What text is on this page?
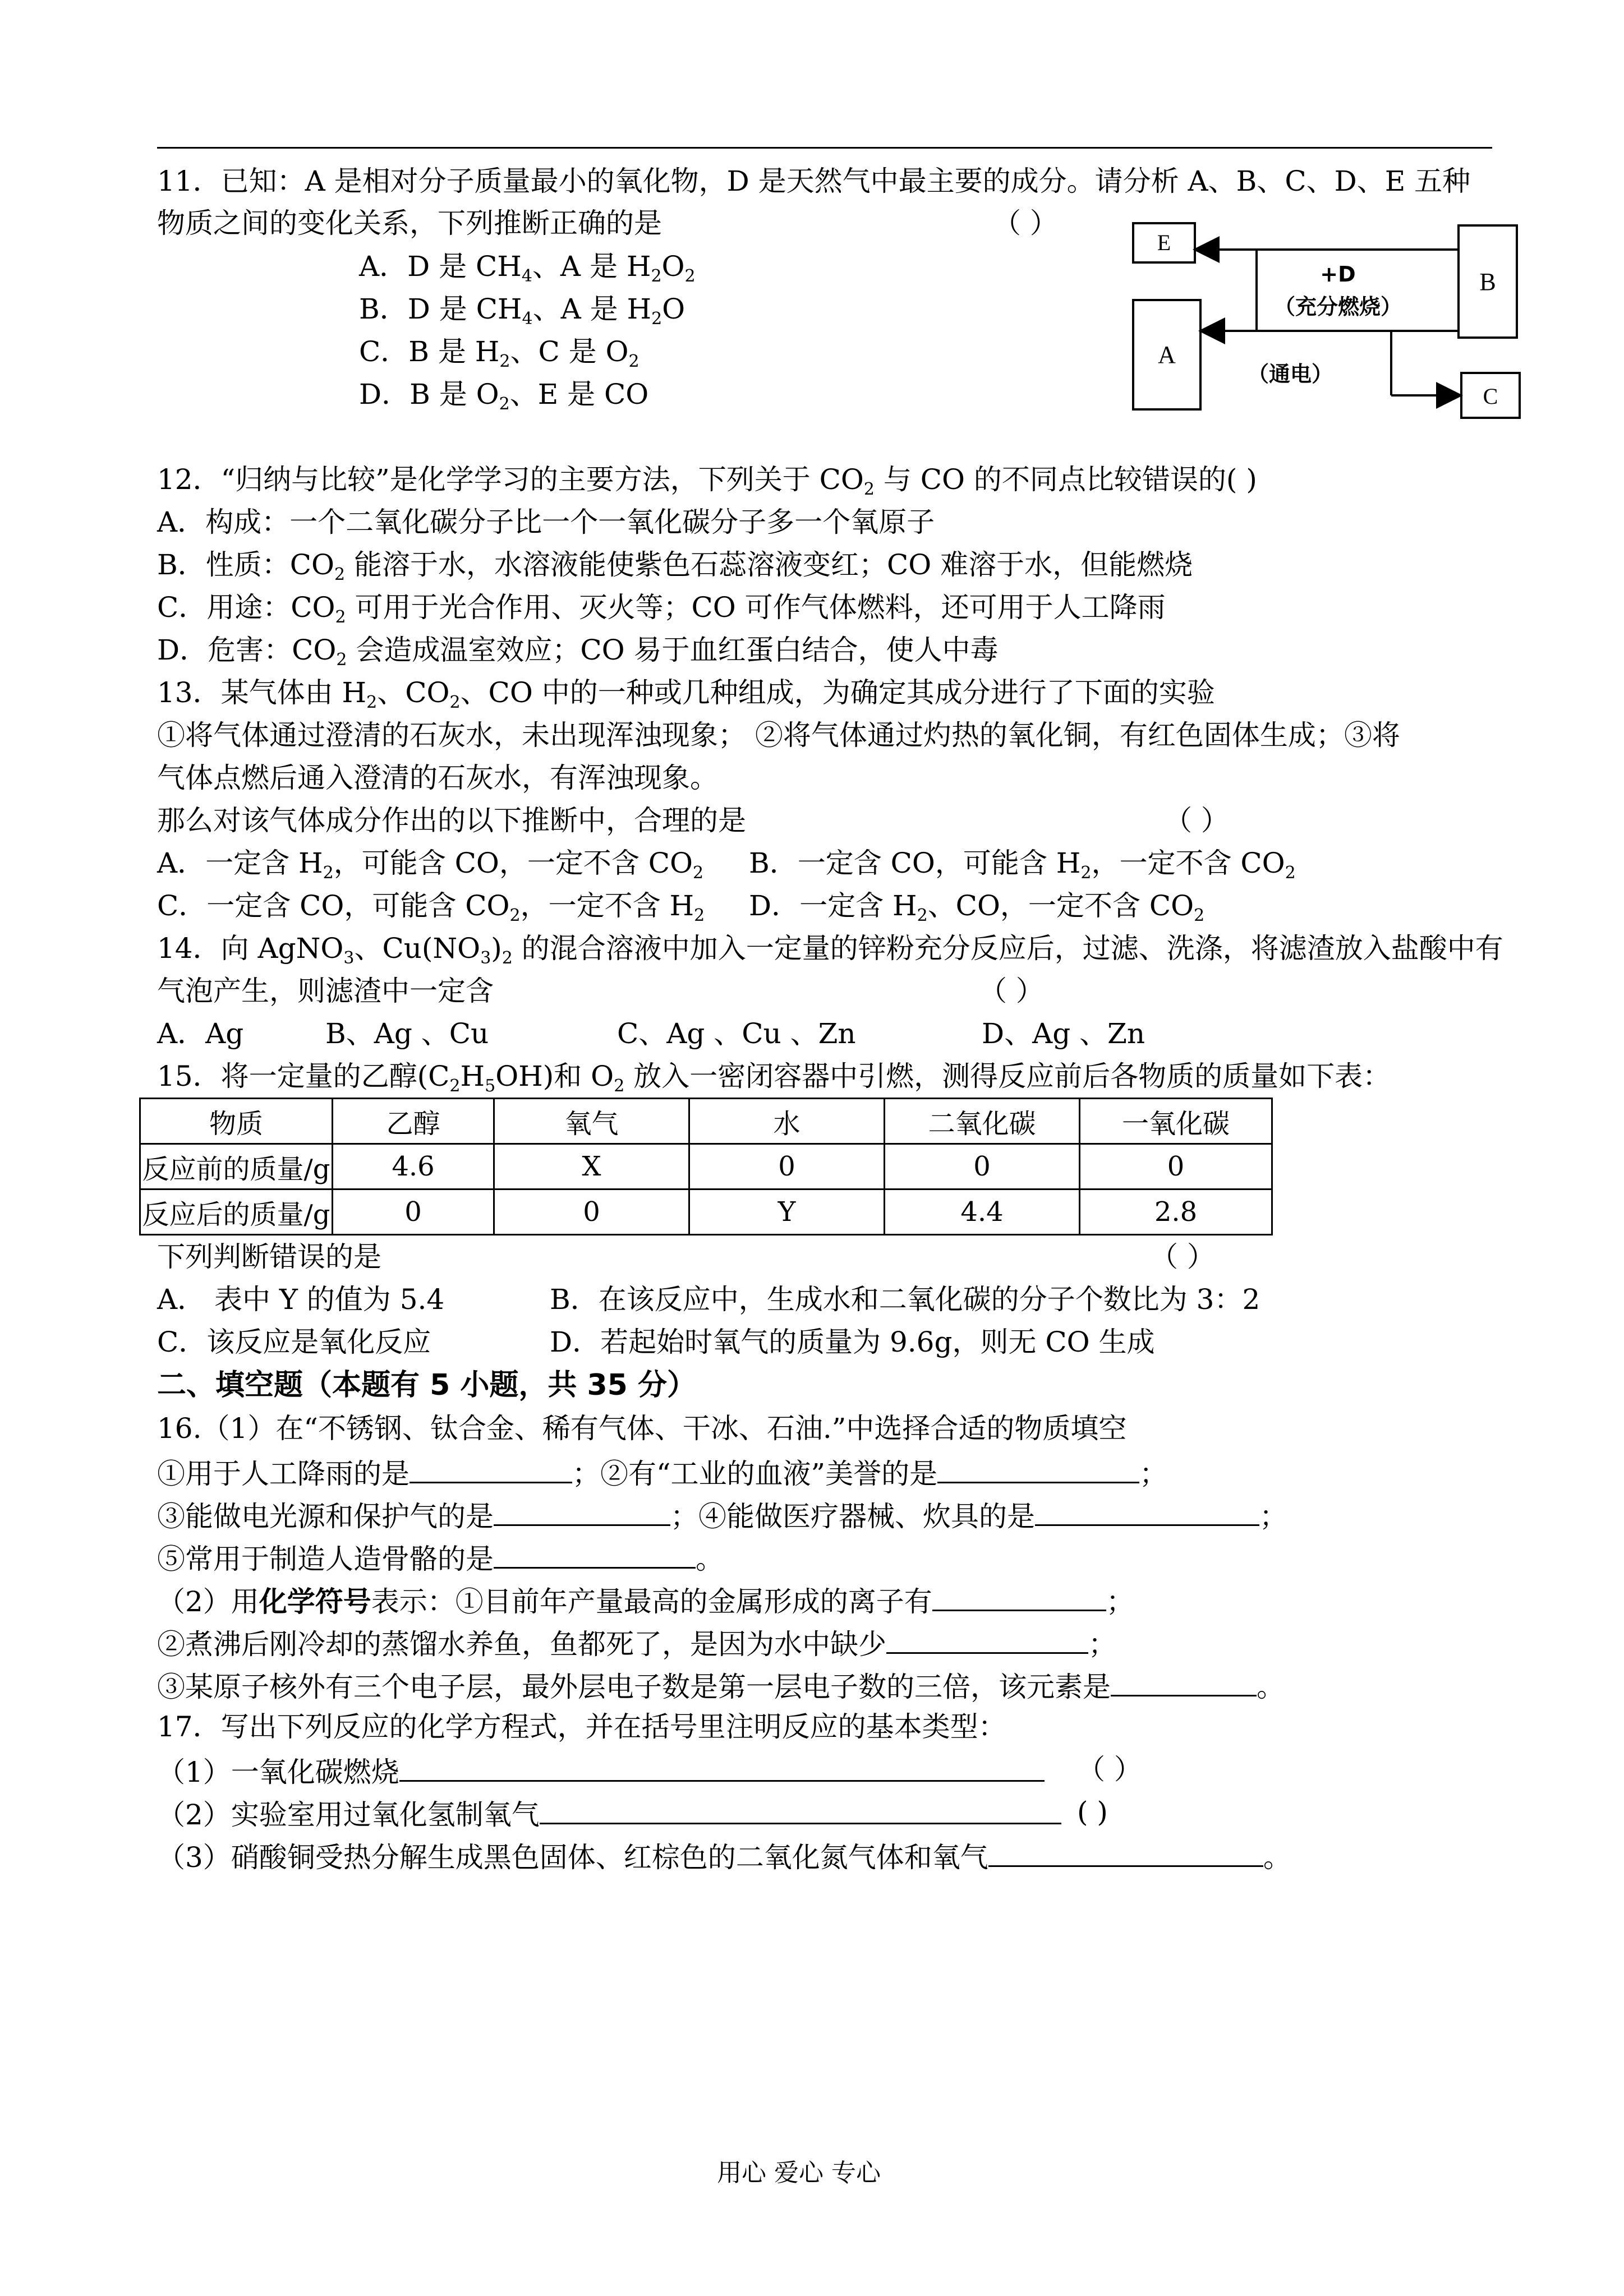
11．已知：A 是相对分子质量最小的氧化物，D 是天然气中最主要的成分。请分析 A、B、C、D、E 五种
物质之间的变化关系，下列推断正确的是	（ ）
A．D 是 $CH_4$、A 是 $H_2O_2$
B．D 是 $CH_4$、A 是 $H_2O$
C．B 是 $H_2$、C 是 $O_2$
D．B 是 $O_2$、E 是 CO
E
A
B
C
+D
（充分燃烧）
（通电）
12．“归纳与比较”是化学学习的主要方法，下列关于 $CO_2$ 与 CO 的不同点比较错误的( )
A．构成：一个二氧化碳分子比一个一氧化碳分子多一个氧原子
B．性质：$CO_2$ 能溶于水，水溶液能使紫色石蕊溶液变红；CO 难溶于水，但能燃烧
C．用途：$CO_2$ 可用于光合作用、灭火等；CO 可作气体燃料，还可用于人工降雨
D．危害：$CO_2$ 会造成温室效应；CO 易于血红蛋白结合，使人中毒
13．某气体由 $H_2$、$CO_2$、CO 中的一种或几种组成，为确定其成分进行了下面的实验
①将气体通过澄清的石灰水，未出现浑浊现象； ②将气体通过灼热的氧化铜，有红色固体生成；③将
气体点燃后通入澄清的石灰水，有浑浊现象。
那么对该气体成分作出的以下推断中，合理的是	（ ）
A．一定含 $H_2$，可能含 CO，一定不含 $CO_2$ B．一定含 CO，可能含 $H_2$，一定不含 $CO_2$
C．一定含 CO，可能含 $CO_2$，一定不含 $H_2$ D．一定含 $H_2$、CO，一定不含 $CO_2$
14．向 AgNO$_3$、$Cu(NO_3)_2$ 的混合溶液中加入一定量的锌粉充分反应后，过滤、洗涤，将滤渣放入盐酸中有
气泡产生，则滤渣中一定含	（ ）
A．Ag	B、Ag 、Cu	C、Ag 、Cu 、Zn	D、Ag 、Zn
15．将一定量的乙醇$(C_2H_5OH)$和 $O_2$ 放入一密闭容器中引燃，测得反应前后各物质的质量如下表：
物质	乙醇	氧气	水	二氧化碳	一氧化碳
反应前的质量/g	4.6	X	0	0	0
反应后的质量/g	0	0	Y	4.4	2.8
下列判断错误的是	（ ）
A． 表中 Y 的值为 5.4	B．在该反应中，生成水和二氧化碳的分子个数比为 3：2
C．该反应是氧化反应	D．若起始时氧气的质量为 9.6g，则无 CO 生成
二、填空题（本题有 5 小题，共 35 分）
16.（1）在“不锈钢、钛合金、稀有气体、干冰、石油.”中选择合适的物质填空
①用于人工降雨的是	；②有“工业的血液”美誉的是	；
③能做电光源和保护气的是	；④能做医疗器械、炊具的是	；
⑤常用于制造人造骨骼的是	。
（2）用化学符号表示：①目前年产量最高的金属形成的离子有	；
②煮沸后刚冷却的蒸馏水养鱼，鱼都死了，是因为水中缺少	；
③某原子核外有三个电子层，最外层电子数是第一层电子数的三倍，该元素是	。
17．写出下列反应的化学方程式，并在括号里注明反应的基本类型：
（1）一氧化碳燃烧	（ ）
（2）实验室用过氧化氢制氧气	( )
（3）硝酸铜受热分解生成黑色固体、红棕色的二氧化氮气体和氧气	。
用心 爱心 专心
